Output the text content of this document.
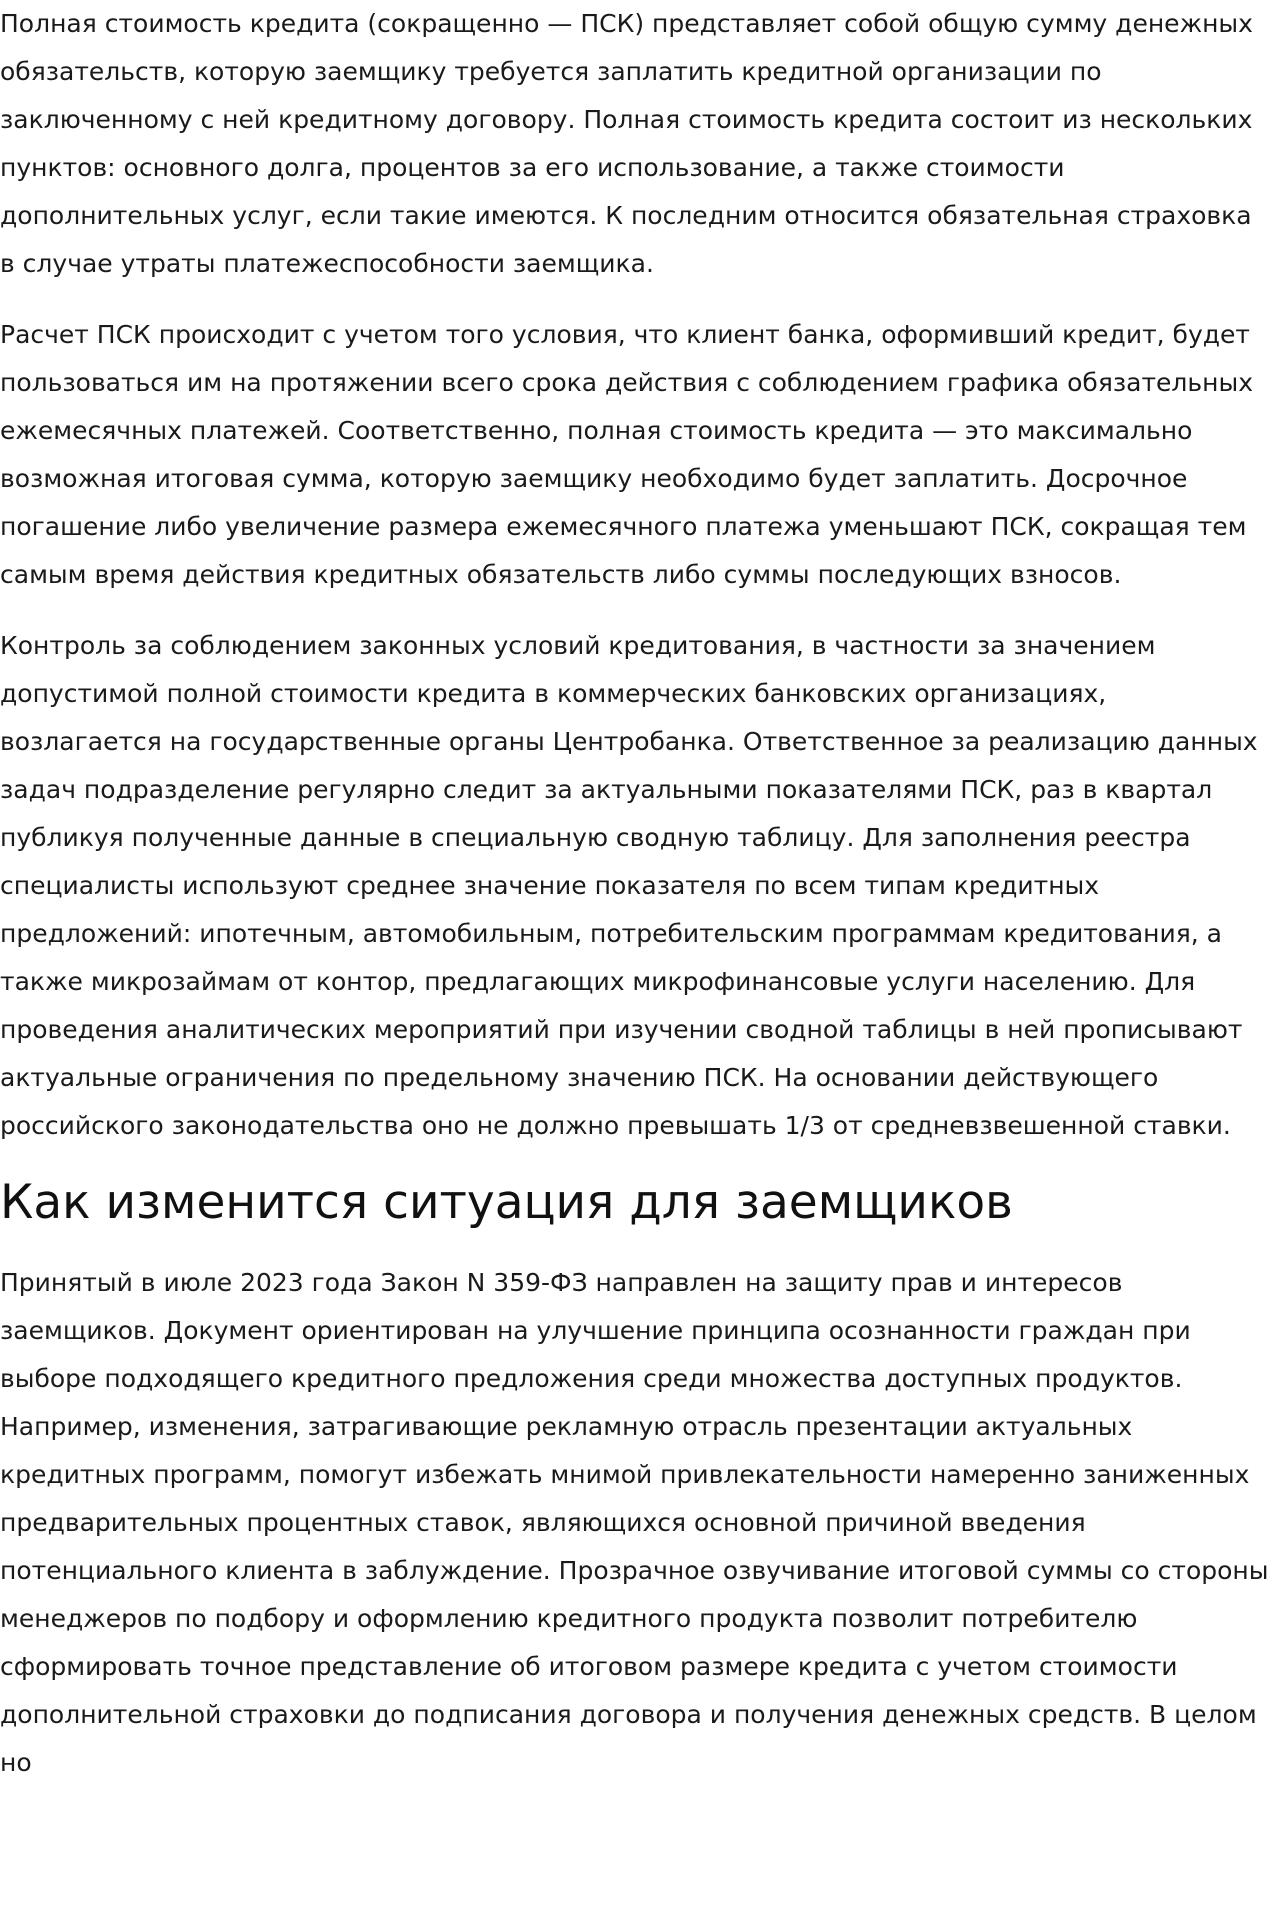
Полная стоимость кредита (сокращенно — ПСК) представляет собой общую сумму денежных обязательств, которую заемщику требуется заплатить кредитной организации по заключенному с ней кредитному договору. Полная стоимость кредита состоит из нескольких пунктов: основного долга, процентов за его использование, а также стоимости дополнительных услуг, если такие имеются. К последним относится обязательная страховка в случае утраты платежеспособности заемщика.

Расчет ПСК происходит с учетом того условия, что клиент банка, оформивший кредит, будет пользоваться им на протяжении всего срока действия с соблюдением графика обязательных ежемесячных платежей. Соответственно, полная стоимость кредита — это максимально возможная итоговая сумма, которую заемщику необходимо будет заплатить. Досрочное погашение либо увеличение размера ежемесячного платежа уменьшают ПСК, сокращая тем самым время действия кредитных обязательств либо суммы последующих взносов.

Контроль за соблюдением законных условий кредитования, в частности за значением допустимой полной стоимости кредита в коммерческих банковских организациях, возлагается на государственные органы Центробанка. Ответственное за реализацию данных задач подразделение регулярно следит за актуальными показателями ПСК, раз в квартал публикуя полученные данные в специальную сводную таблицу. Для заполнения реестра специалисты используют среднее значение показателя по всем типам кредитных предложений: ипотечным, автомобильным, потребительским программам кредитования, а также микрозаймам от контор, предлагающих микрофинансовые услуги населению. Для проведения аналитических мероприятий при изучении сводной таблицы в ней прописывают актуальные ограничения по предельному значению ПСК. На основании действующего российского законодательства оно не должно превышать 1/3 от средневзвешенной ставки.

Как изменится ситуация для заемщиков

Принятый в июле 2023 года Закон N 359-ФЗ направлен на защиту прав и интересов заемщиков. Документ ориентирован на улучшение принципа осознанности граждан при выборе подходящего кредитного предложения среди множества доступных продуктов. Например, изменения, затрагивающие рекламную отрасль презентации актуальных кредитных программ, помогут избежать мнимой привлекательности намеренно заниженных предварительных процентных ставок, являющихся основной причиной введения потенциального клиента в заблуждение. Прозрачное озвучивание итоговой суммы со стороны менеджеров по подбору и оформлению кредитного продукта позволит потребителю сформировать точное представление об итоговом размере кредита с учетом стоимости дополнительной страховки до подписания договора и получения денежных средств. В целом но
